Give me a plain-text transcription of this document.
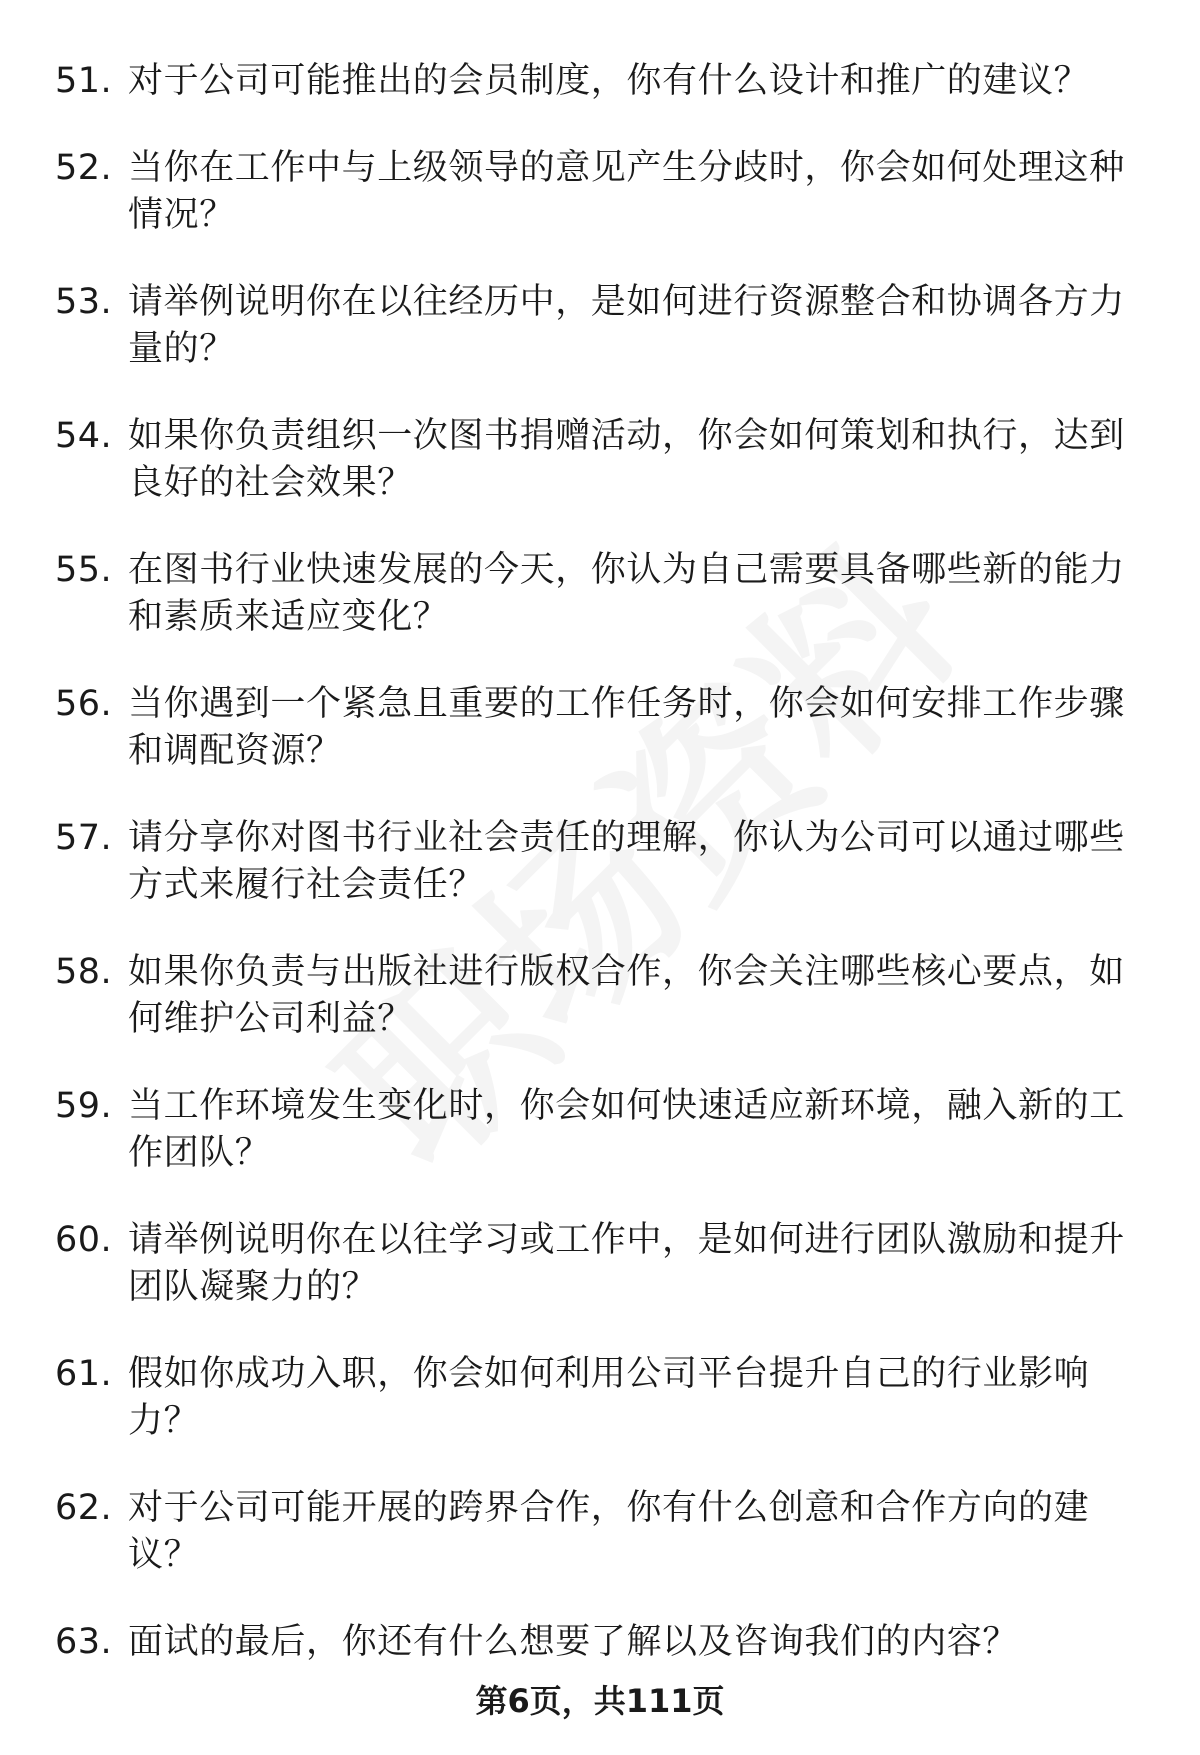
51. 对于公司可能推出的会员制度，你有什么设计和推广的建议？
52. 当你在工作中与上级领导的意见产生分歧时，你会如何处理这种情况？
53. 请举例说明你在以往经历中，是如何进行资源整合和协调各方力量的？
54. 如果你负责组织一次图书捐赠活动，你会如何策划和执行，达到良好的社会效果？
55. 在图书行业快速发展的今天，你认为自己需要具备哪些新的能力和素质来适应变化？
56. 当你遇到一个紧急且重要的工作任务时，你会如何安排工作步骤和调配资源？
57. 请分享你对图书行业社会责任的理解，你认为公司可以通过哪些方式来履行社会责任？
58. 如果你负责与出版社进行版权合作，你会关注哪些核心要点，如何维护公司利益？
59. 当工作环境发生变化时，你会如何快速适应新环境，融入新的工作团队？
60. 请举例说明你在以往学习或工作中，是如何进行团队激励和提升团队凝聚力的？
61. 假如你成功入职，你会如何利用公司平台提升自己的行业影响力？
62. 对于公司可能开展的跨界合作，你有什么创意和合作方向的建议？
63. 面试的最后，你还有什么想要了解以及咨询我们的内容？
第6页，共111页
